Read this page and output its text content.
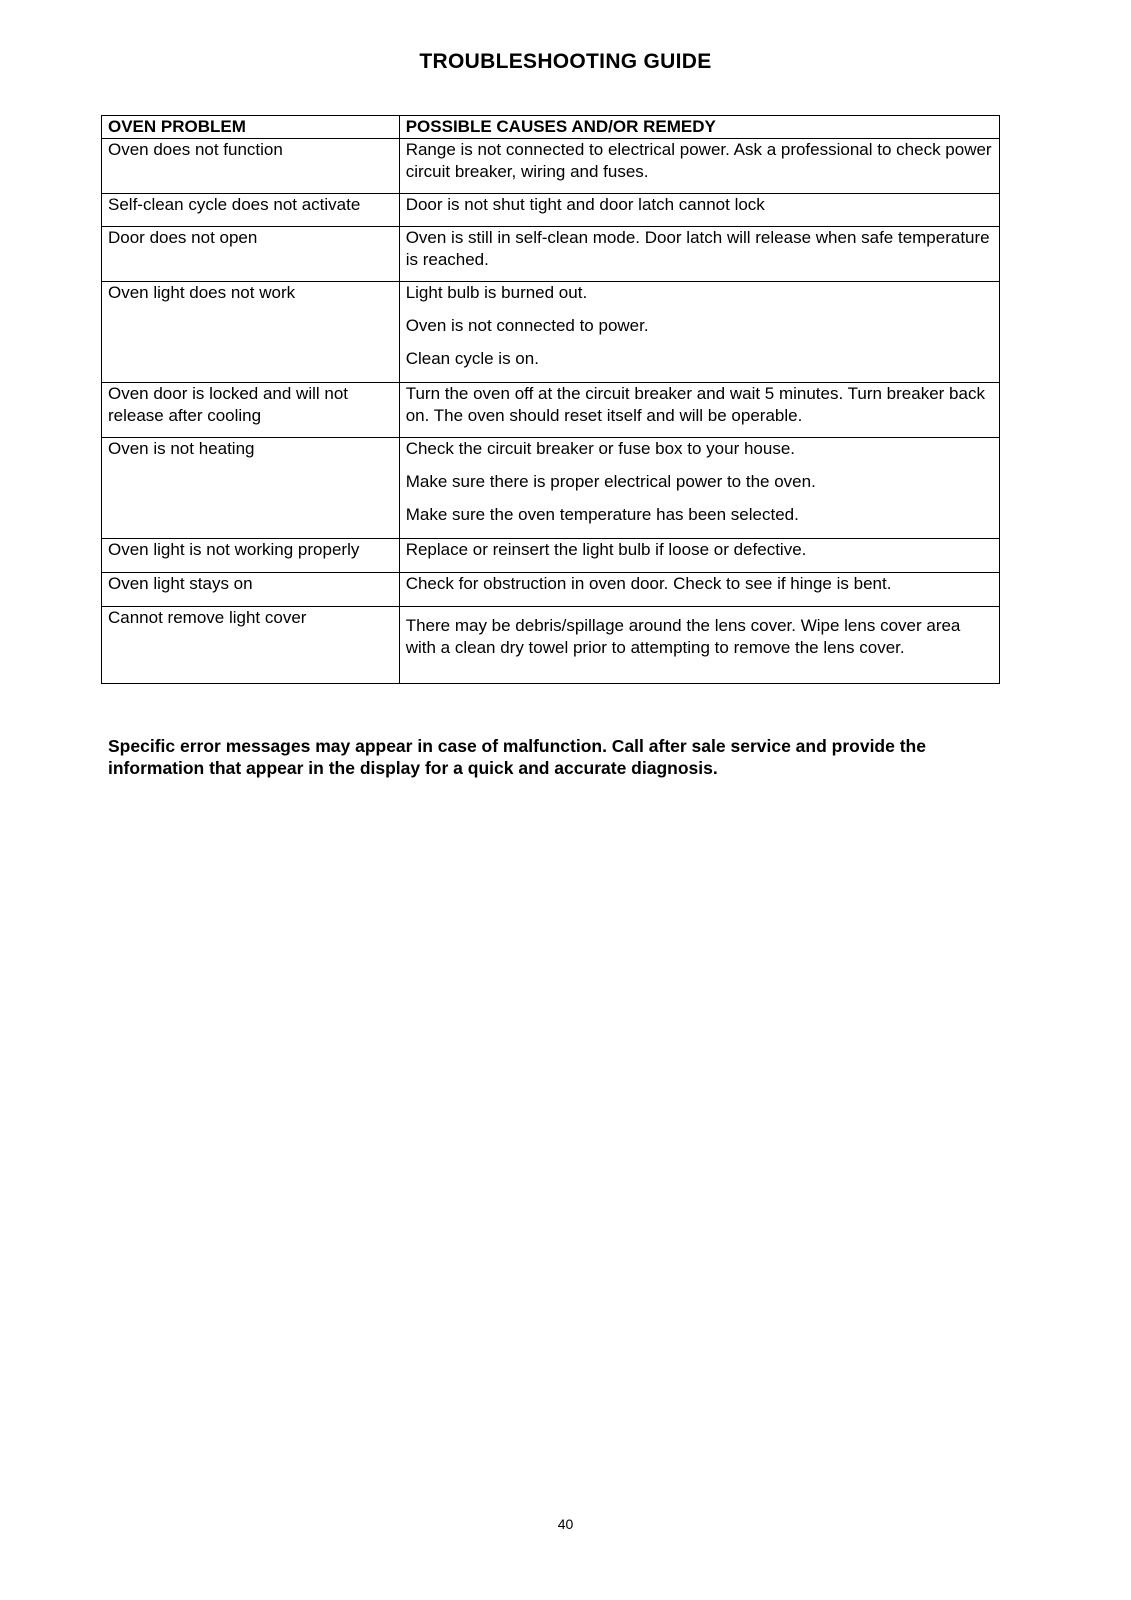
TROUBLESHOOTING GUIDE
OVEN PROBLEM	POSSIBLE CAUSES AND/OR REMEDY
Oven does not function	Range is not connected to electrical power. Ask a professional to check power circuit breaker, wiring and fuses.

Self-clean cycle does not activate	Door is not shut tight and door latch cannot lock

Door does not open	Oven is still in self-clean mode. Door latch will release when safe temperature is reached.

Oven light does not work	Light bulb is burned out.
Oven is not connected to power.
Clean cycle is on.

Oven door is locked and will not release after cooling	Turn the oven off at the circuit breaker and wait 5 minutes. Turn breaker back on. The oven should reset itself and will be operable.

Oven is not heating	Check the circuit breaker or fuse box to your house.
Make sure there is proper electrical power to the oven.
Make sure the oven temperature has been selected.

Oven light is not working properly	Replace or reinsert the light bulb if loose or defective.

Oven light stays on	Check for obstruction in oven door. Check to see if hinge is bent.

Cannot remove light cover	There may be debris/spillage around the lens cover. Wipe lens cover area with a clean dry towel prior to attempting to remove the lens cover.
Specific error messages may appear in case of malfunction. Call after sale service and provide the information that appear in the display for a quick and accurate diagnosis.
40
